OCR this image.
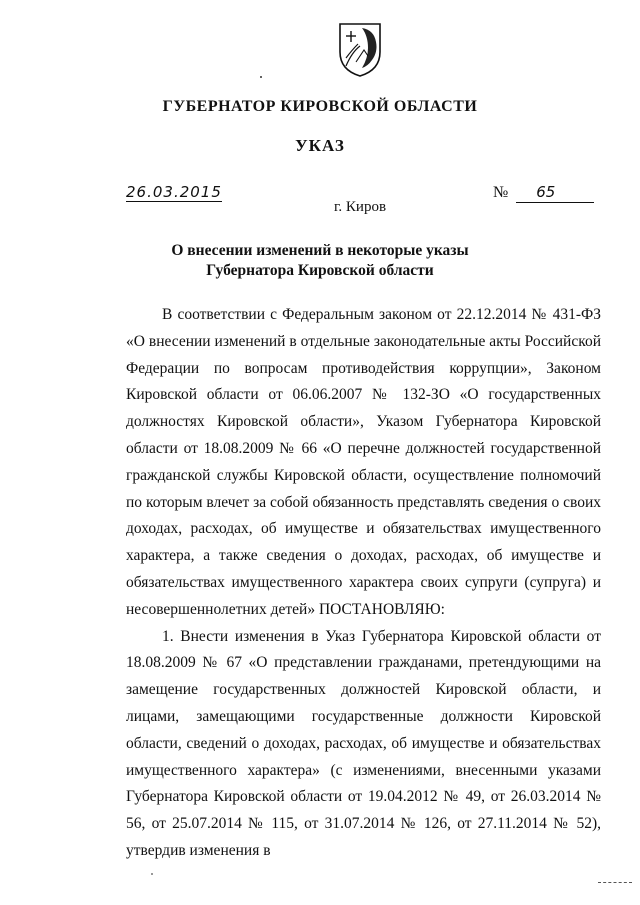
ГУБЕРНАТОР КИРОВСКОЙ ОБЛАСТИ
УКАЗ
26.03.2015	№ 65
г. Киров
О внесении изменений в некоторые указы
Губернатора Кировской области

В соответствии с Федеральным законом от 22.12.2014 № 431-ФЗ «О внесении изменений в отдельные законодательные акты Российской Федерации по вопросам противодействия коррупции», Законом Кировской области от 06.06.2007 № 132-ЗО «О государственных должностях Кировской области», Указом Губернатора Кировской области от 18.08.2009 № 66 «О перечне должностей государственной гражданской службы Кировской области, осуществление полномочий по которым влечет за собой обязанность представлять сведения о своих доходах, расходах, об имуществе и обязательствах имущественного характера, а также сведения о доходах, расходах, об имуществе и обязательствах имущественного характера своих супруги (супруга) и несовершеннолетних детей» ПОСТАНОВЛЯЮ:

1. Внести изменения в Указ Губернатора Кировской области от 18.08.2009 № 67 «О представлении гражданами, претендующими на замещение государственных должностей Кировской области, и лицами, замещающими государственные должности Кировской области, сведений о доходах, расходах, об имуществе и обязательствах имущественного характера» (с изменениями, внесенными указами Губернатора Кировской области от 19.04.2012 № 49, от 26.03.2014 № 56, от 25.07.2014 № 115, от 31.07.2014 № 126, от 27.11.2014 № 52), утвердив изменения в
